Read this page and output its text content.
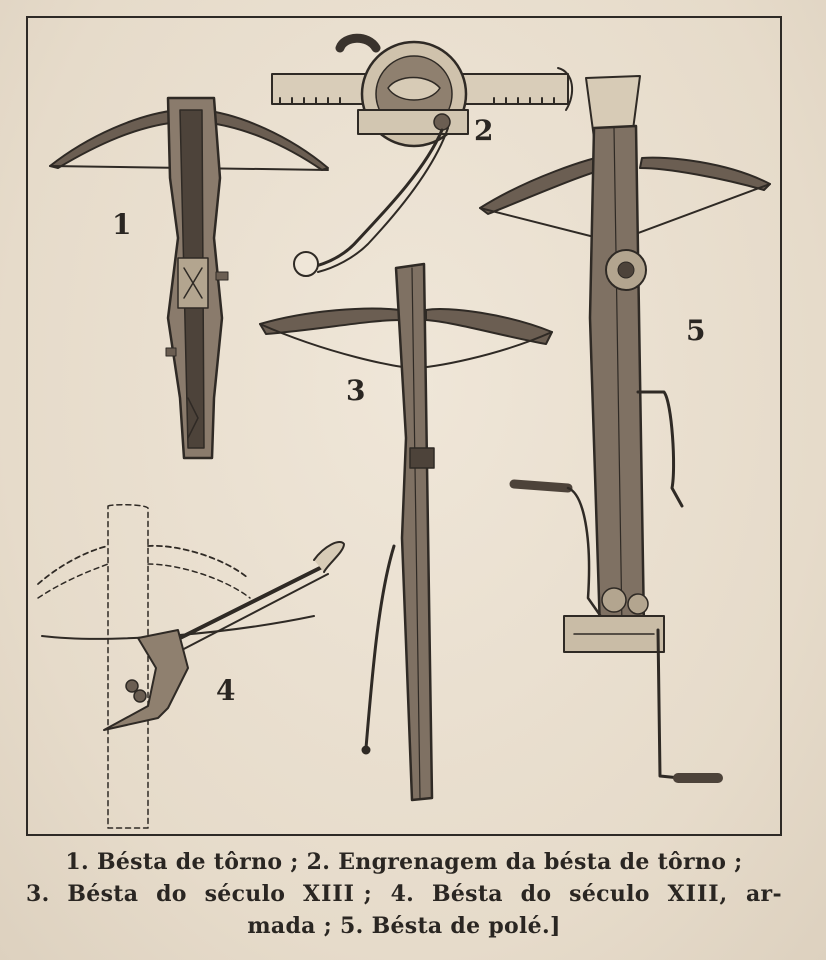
1
2
3
4
5
1. Bésta de tôrno ; 2. Engrenagem da bésta de tôrno ;
3. Bésta do século XIII ; 4. Bésta do século XIII, ar-
mada ; 5. Bésta de polé.]
